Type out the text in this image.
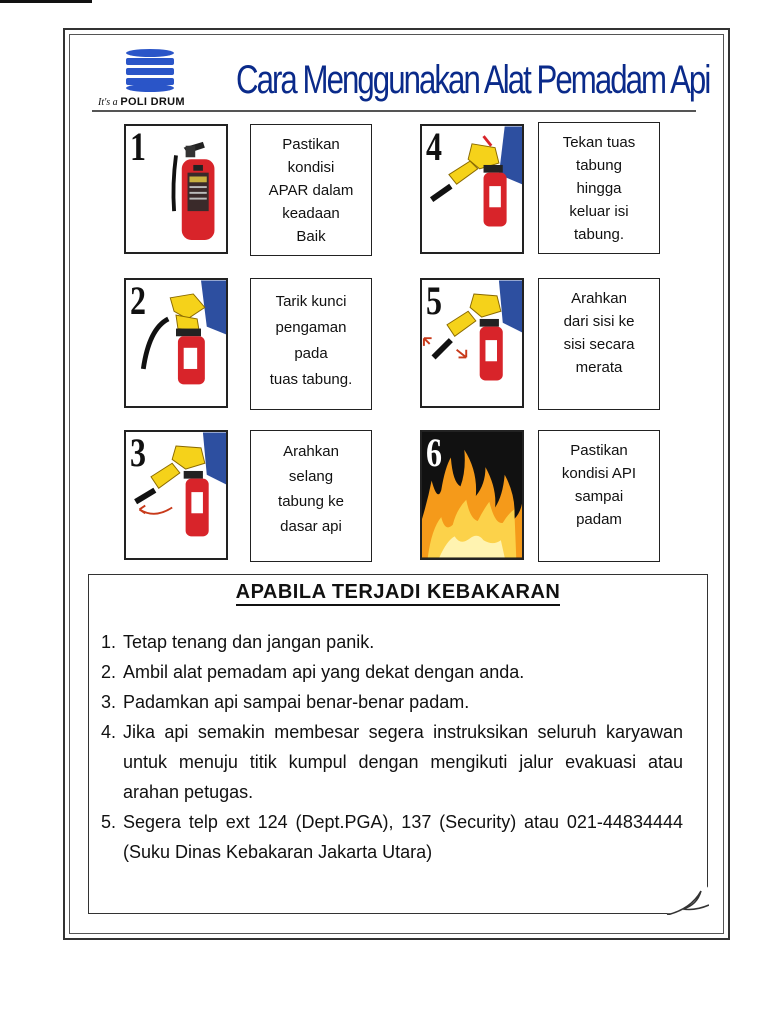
It's a POLI DRUM Cara Menggunakan Alat Pemadam Api
1	Pastikan
kondisi
APAR dalam
keadaan
Baik
4	Tekan tuas
tabung
hingga
keluar isi
tabung.
2	Tarik kunci
pengaman
pada
tuas tabung.
5	Arahkan
dari sisi ke
sisi secara
merata
3	Arahkan
selang
tabung ke
dasar api
6	Pastikan
kondisi API
sampai
padam
APABILA TERJADI KEBAKARAN
1. Tetap tenang dan jangan panik.
2. Ambil alat pemadam api yang dekat dengan anda.
3. Padamkan api sampai benar-benar padam.
4. Jika api semakin membesar segera instruksikan seluruh karyawan untuk menuju titik kumpul dengan mengikuti jalur evakuasi atau arahan petugas.
5. Segera telp ext 124 (Dept.PGA), 137 (Security) atau 021-44834444 (Suku Dinas Kebakaran Jakarta Utara)
